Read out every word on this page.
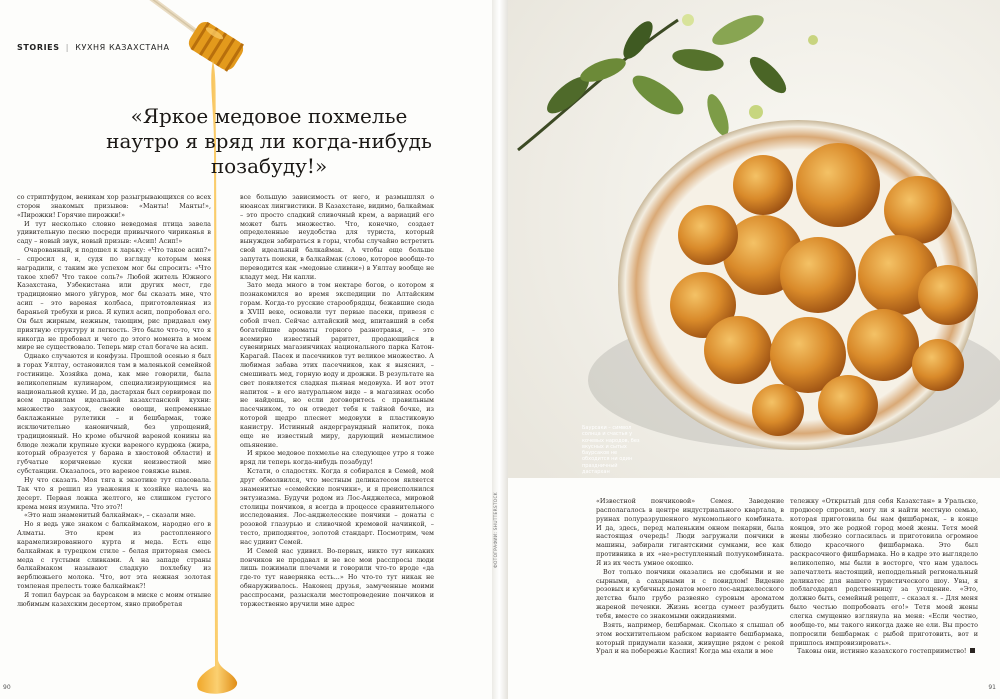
STORIES | КУХНЯ КАЗАХСТАНА
«Яркое медовое похмелье наутро я вряд ли когда-нибудь позабуду!»

со стриптфудом, веникам хор разыгрывающихся со всех сторон знакомых призывов: «Манты! Манты!», «Пирожки! Горячие пирожки!»

И тут несколько словно неведомая птица завела удивительную песню посреди привычного чириканья в саду – новый звук, новый призыв: «Асип! Асип!»

Очарованный, я подошел к ларьку: «Что такое асип?» – спросил я, и, судя по взгляду которым меня наградили, с таким же успехом мог бы спросить: «Что такое хлеб? Что такое соль?» Любой житель Южного Казахстана, Узбекистана или других мест, где традиционно много уйгуров, мог бы сказать мне, что асип – это вареная колбаса, приготовленная из бараньей требухи и риса. Я купил асип, попробовал его. Он был жирным, нежным, тающим, рис придавал ему приятную структуру и легкость. Это было что-то, что я никогда не пробовал и чего до этого момента в моем мире не существовало. Теперь мир стал богаче на асип.

Однако случаются и конфузы. Прошлой осенью я был в горах Уялтау, остановился там в маленькой семейной гостинице. Хозяйка дома, как мне говорили, была великолепным кулинаром, специализирующимся на национальной кухне. И да, дастархан был сервирован по всем правилам идеальной казахстанской кухни: множество закусок, свежие овощи, непременные баклажанные рулетики – и бешбармак, тоже исключительно каноничный, без упрощений, традиционный. Но кроме обычной вареной конины на блюде лежали крупные куски вареного курдюка (жира, который образуется у барана в хвостовой области) и губчатые коричневые куски неизвестной мне субстанции. Оказалось, это вареное говяжье вымя.

Ну что сказать. Моя тяга к экзотике тут спасовала. Так что я решил из уважения к хозяйке налечь на десерт. Первая ложка желтого, не слишком густого крема меня изумила. Что это?!

«Это наш знаменитый балкаймак», – сказали мне.

Но я ведь уже знаком с балкаймаком, народно его в Алматы. Это крем из растопленного карамелизированного курта и меда. Есть еще балкаймак в турецком стиле – белая приторная смесь меда с густыми сливками. А на западе страны балкаймаком называют сладкую похлебку из верблюжьего молока. Что, вот эта нежная золотая томленая прелесть тоже балкаймак?!

Я топил баурсак за баурсаком в миске с моим отныне любимым казахским десертом, явно приобретая

все большую зависимость от него, и размышлял о нюансах лингвистики. В Казахстане, видимо, балкаймак – это просто сладкий сливочный крем, а вариаций его может быть множество. Что, конечно, создает определенные неудобства для туриста, который вынужден забираться в горы, чтобы случайно встретить свой идеальный балкаймак. А чтобы еще больше запутать поиски, в балкаймак (слово, которое вообще-то переводится как «медовые сливки») в Уялтау вообще не кладут мед. Ни капли.

Зато меда много в том нектаре богов, о котором я познакомился во время экспедиции по Алтайским горам. Когда-то русские старообрядцы, бежавшие сюда в XVIII веке, основали тут первые пасеки, привезя с собой пчел. Сейчас алтайский мед, впитавший в себя богатейшие ароматы горного разнотравья, – это всемирно известный раритет, продающийся в сувенирных магазинчиках национального парка Катон-Карагай. Пасек и пасечников тут великое множество. А любимая забава этих пасечников, как я выяснил, – смешивать мед, горную воду и дрожжи. В результате на свет появляется сладкая пьяная медовуха. И вот этот напиток – в его натуральном виде – в магазинах особо не найдешь, но если договоритесь с правильным пасечником, то он отведет тебя к тайной бочке, из которой щедро плеснет медовухи в пластиковую канистру. Истинный андерграундный напиток, пока еще не известный миру, дарующий немыслимое опьянение.

И яркое медовое похмелье на следующее утро я тоже вряд ли теперь когда-нибудь позабуду!

Кстати, о сладостях. Когда я собирался в Семей, мой друг обмолвился, что местным деликатесом является знаменитые «семейские пончики», и я преисполнился энтузиазма. Будучи родом из Лос-Анджелеса, мировой столицы пончиков, я всегда в процессе сравнительного исследования. Лос-анджелесские пончики – донаты с розовой глазурью и сливочной кремовой начинкой, – тесто, приподнятое, золотой стандарт. Посмотрим, чем нас удивит Семей.

И Семей нас удивил. Во-первых, никто тут никаких пончиков не продавал и не все мои расспросы люди лишь пожимали плечами и говорили что-то вроде «да где-то тут наверняка есть...» Но что-то тут никак не обнаруживалось. Наконец друзья, замученные моими расспросами, разыскали местопроведение пончиков и торжественно вручили мне адрес

90
ФОТОГРАФИИ: SHUTTERSTOCK	«Известной пончиковой» Семея. Заведение располагалось в центре индустриального квартала, в руинах полуразрушенного мукомольного комбината. И да, здесь, перед маленьким окном пекарни, была настоящая очередь! Люди загружали пончики в машины, забирали гигантскими сумками, все как противника в их «не»реступленный полуукомбината. Я из их честь умное окошко.

Вот только пончики оказались не сдобными и не сырными, а сахарными и с повидлом! Видение розовых и кубичных донатов моего лос-анджелесского детства было грубо развеяно суровым ароматом жареной печенки. Жизнь всегда сумеет разбудить тебя, вместе со знакомыми ожиданиями.

Взять, например, бешбармак. Сколько я слышал об этом восхитительном рабском варианте бешбармака, который придумали казаки, живущие рядом с рекой Урал и на побережье Каспия! Когда мы ехали в мое

тележку «Открытый для себя Казахстан» в Уральске, продюсер спросил, могу ли я найти местную семью, которая приготовила бы нам фишбармак, – в конце концов, это же родной город моей жены. Тетя моей жены любезно согласилась и приготовила огромное блюдо красочного фишбармака. Это был раскрасочного фишбармака. Но в кадре это выглядело великолепно, мы были в восторге, что нам удалось запечатлеть настоящий, неподдельный региональный деликатес для нашего туристического шоу. Увы, я поблагодарил родственницу за угощение. «Это, должно быть, семейный рецепт, – сказал я. – Для меня было честью попробовать его!» Тетя моей жены слегка смущенно взглянула на меня: «Если честно, вообще-то, мы такого никогда даже не ели. Вы просто попросили бешбармак с рыбой приготовить, вот и пришлось импровизировать».

Таковы они, истинно казахского гостеприимство!

91
Баурсаки – символ солнца и счастья у кочевых народов, без вкусных и сытых баурсаков не обходится ни один праздничный дастархан
